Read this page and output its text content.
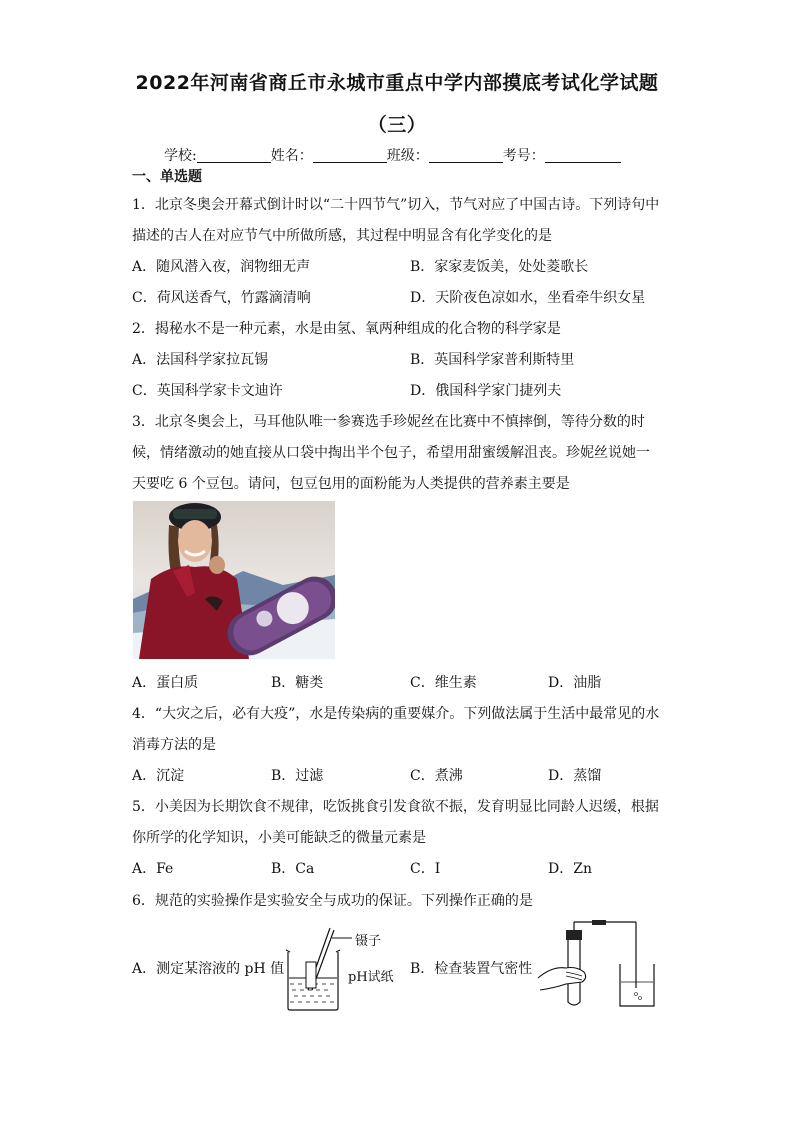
2022年河南省商丘市永城市重点中学内部摸底考试化学试题
（三）
学校:	姓名：	班级：	考号：
一、单选题
1．北京冬奥会开幕式倒计时以“二十四节气”切入，节气对应了中国古诗。下列诗句中
描述的古人在对应节气中所做所感，其过程中明显含有化学变化的是
A．随风潜入夜，润物细无声	B．家家麦饭美，处处菱歌长
C．荷风送香气，竹露滴清响	D．天阶夜色凉如水，坐看牵牛织女星
2．揭秘水不是一种元素，水是由氢、氧两种组成的化合物的科学家是
A．法国科学家拉瓦锡	B．英国科学家普利斯特里
C．英国科学家卡文迪许	D．俄国科学家门捷列夫
3．北京冬奥会上，马耳他队唯一参赛选手珍妮丝在比赛中不慎摔倒，等待分数的时
候，情绪激动的她直接从口袋中掏出半个包子，希望用甜蜜缓解沮丧。珍妮丝说她一
天要吃 6 个豆包。请问，包豆包用的面粉能为人类提供的营养素主要是
A．蛋白质	B．糖类	C．维生素	D．油脂
4．“大灾之后，必有大疫”，水是传染病的重要媒介。下列做法属于生活中最常见的水
消毒方法的是
A．沉淀	B．过滤	C．煮沸	D．蒸馏
5．小美因为长期饮食不规律，吃饭挑食引发食欲不振，发育明显比同龄人迟缓，根据
你所学的化学知识，小美可能缺乏的微量元素是
A．Fe	B．Ca	C．I	D．Zn
6．规范的实验操作是实验安全与成功的保证。下列操作正确的是
A．测定某溶液的 pH 值
镊子
pH试纸
B．检查装置气密性
